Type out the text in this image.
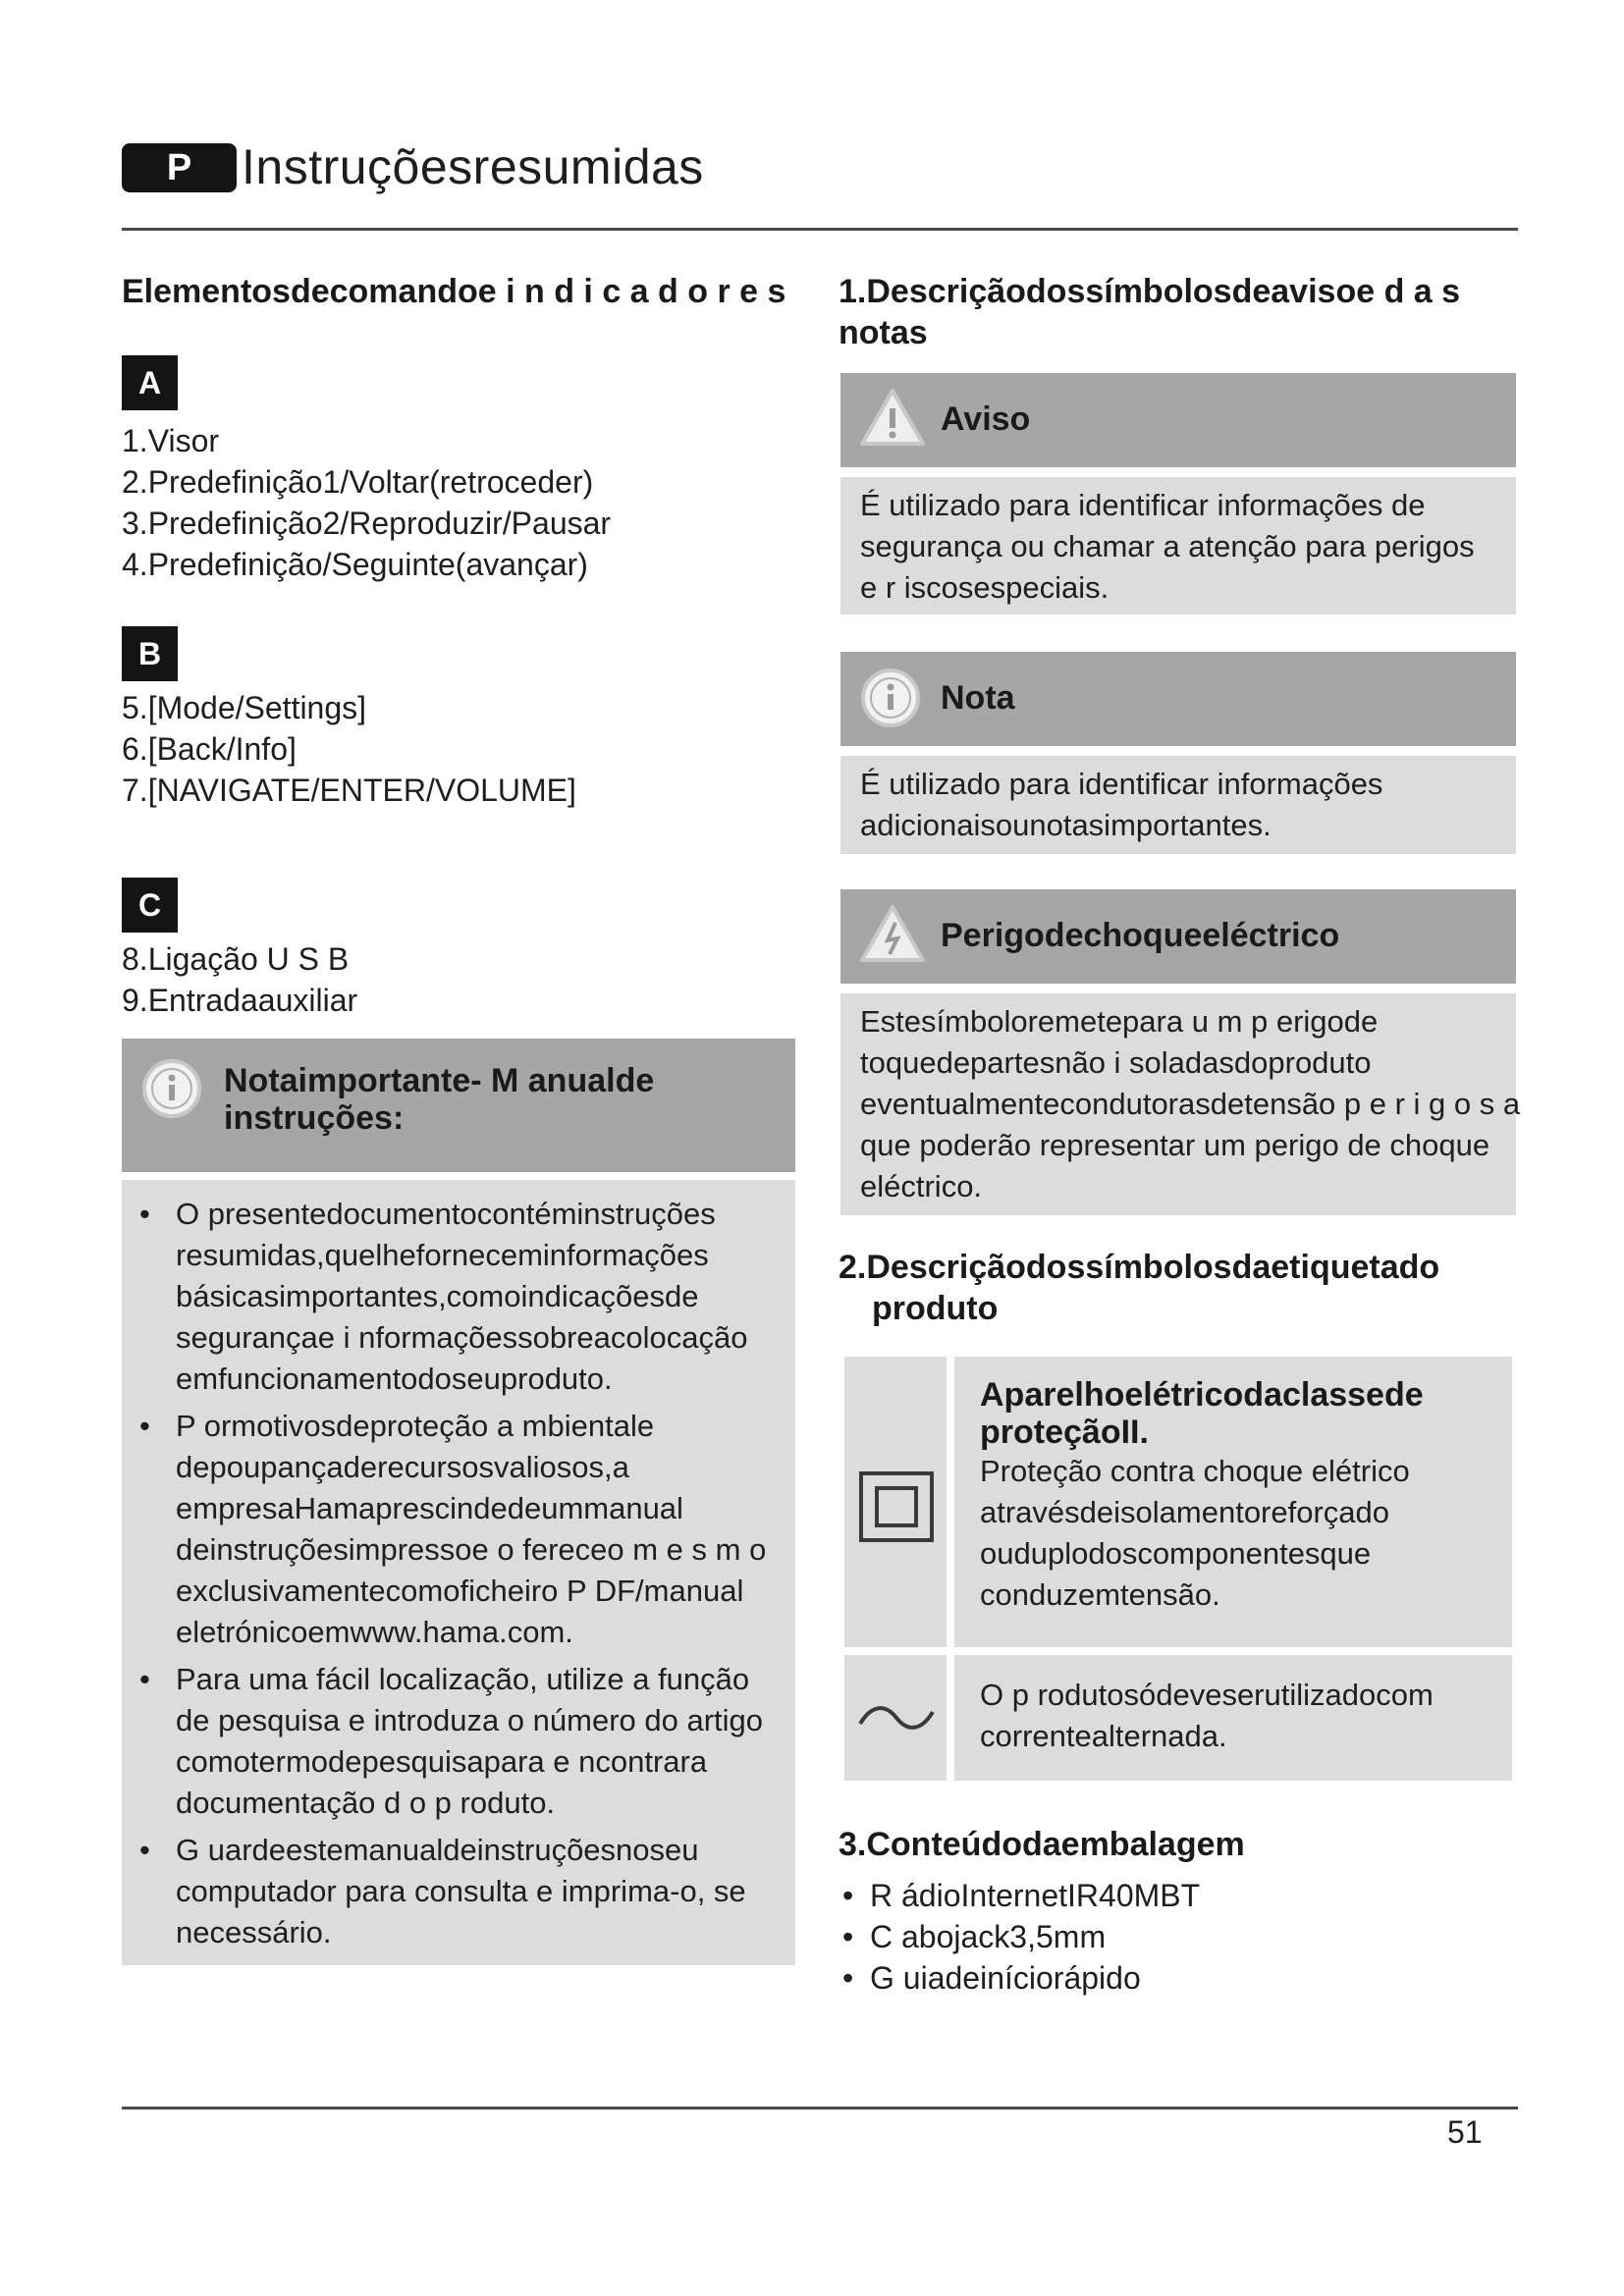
P	Instruçõesresumidas
Elementosdecomandoe i n d i c a d o r e s
A
1.Visor
2.Predefinição1/Voltar(retroceder)
3.Predefinição2/Reproduzir/Pausar
4.Predefinição/Seguinte(avançar)
B
5.[Mode/Settings]
6.[Back/Info]
7.[NAVIGATE/ENTER/VOLUME]
C
8.Ligação U S B
9.Entradaauxiliar
Notaimportante- M anualde
instruções:
• O presentedocumentocontéminstruções
resumidas,quelheforneceminformações
básicasimportantes,comoindicaçõesde
segurançae i nformaçõessobreacolocação
emfuncionamentodoseuproduto.
• P ormotivosdeproteção a mbientale
depoupançaderecursosvaliosos,a
empresaHamaprescindedeummanual
deinstruçõesimpressoe o fereceo m e s m o
exclusivamentecomoficheiro P DF/manual
eletrónicoemwww.hama.com.
• Para uma fácil localização, utilize a função
de pesquisa e introduza o número do artigo
comotermodepesquisapara e ncontrara
documentação d o p roduto.
• G uardeestemanualdeinstruçõesnoseu
computador para consulta e imprima-o, se
necessário.
1.Descriçãodossímbolosdeavisoe d a s
notas
Aviso
É utilizado para identificar informações de
segurança ou chamar a atenção para perigos
e r iscosespeciais.
Nota
É utilizado para identificar informações
adicionaisounotasimportantes.
Perigodechoqueeléctrico
Estesímboloremetepara u m p erigode
toquedepartesnão i soladasdoproduto
eventualmentecondutorasdetensão p e r i g o s a
que poderão representar um perigo de choque
eléctrico.
2.Descriçãodossímbolosdaetiquetado
produto
Aparelhoelétricodaclassede
proteçãoII.
Proteção contra choque elétrico
atravésdeisolamentoreforçado
ouduplodoscomponentesque
conduzemtensão.
O p rodutosódeveserutilizadocom
correntealternada.
3.Conteúdodaembalagem
• R ádioInternetIR40MBT
• C abojack3,5mm
• G uiadeiníciorápido
51
